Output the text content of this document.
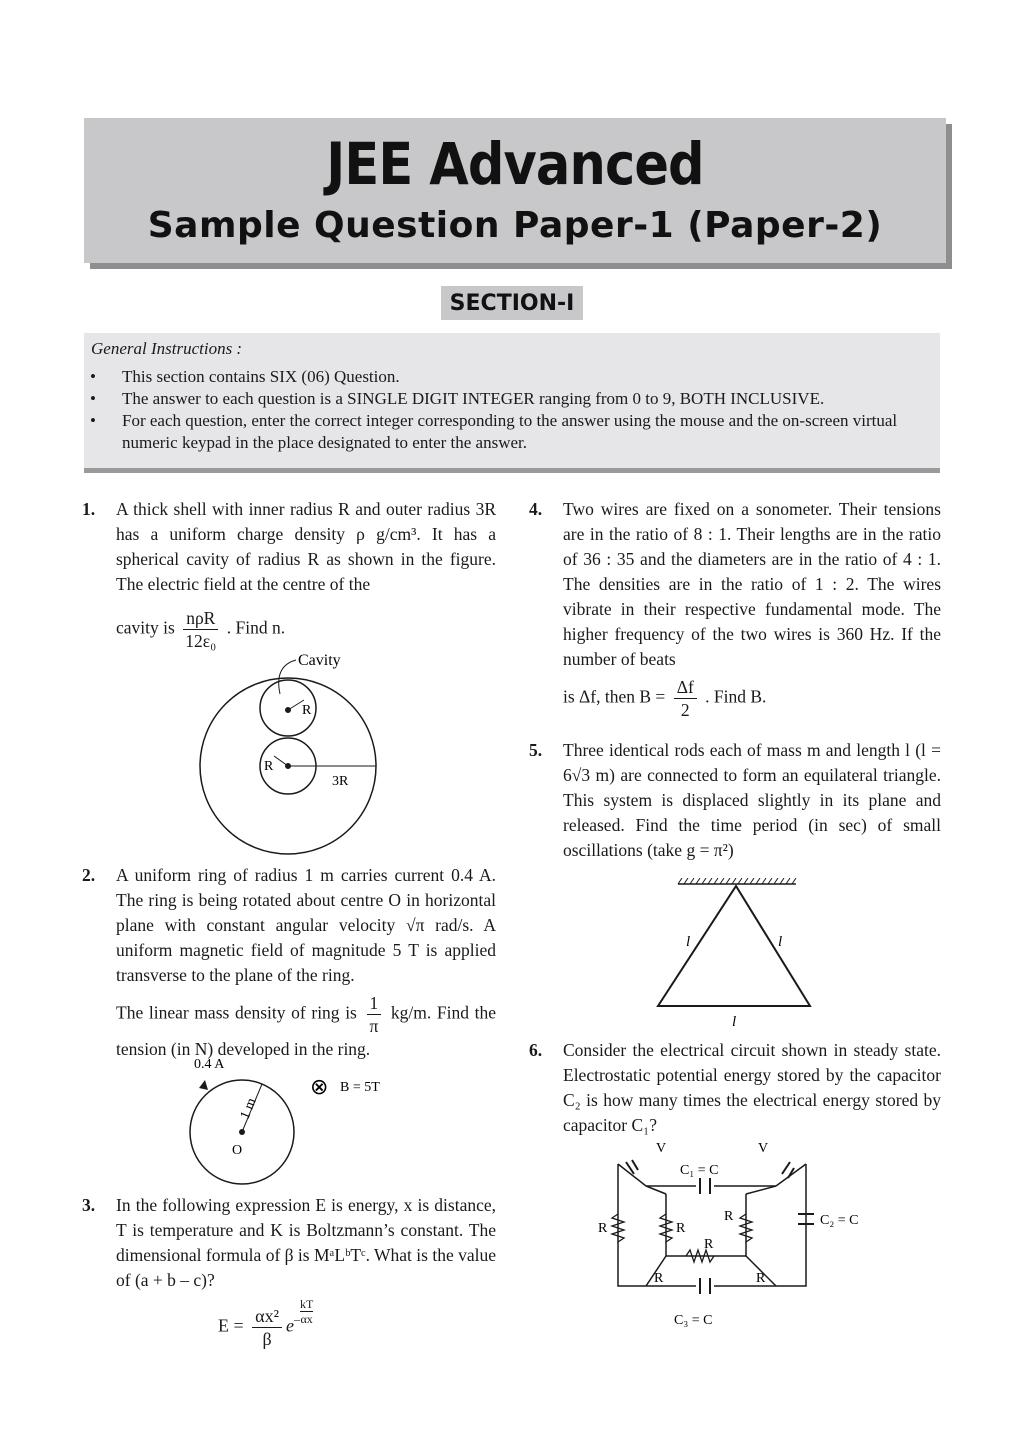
JEE Advanced
Sample Question Paper-1 (Paper-2)
SECTION-I
General Instructions :
• This section contains SIX (06) Question.
• The answer to each question is a SINGLE DIGIT INTEGER ranging from 0 to 9, BOTH INCLUSIVE.
• For each question, enter the correct integer corresponding to the answer using the mouse and the on-screen virtual numeric keypad in the place designated to enter the answer.
1. A thick shell with inner radius R and outer radius 3R has a uniform charge density ρ g/cm³. It has a spherical cavity of radius R as shown in the figure. The electric field at the centre of the
cavity is $\frac{\text{nρR}}{\text{12ε₀}}$ . Find n.
Cavity
R
R
3R
2. A uniform ring of radius 1 m carries current 0.4 A. The ring is being rotated about centre O in horizontal plane with constant angular velocity √π rad/s. A uniform magnetic field of magnitude 5 T is applied transverse to the plane of the ring.
The linear mass density of ring is $\frac{1}{\pi} kg/m$. Find the tension (in N) developed in the ring.
0.4 A
1 m
O
⊗ B = 5T
3. In the following expression E is energy, x is distance, T is temperature and K is Boltzmann’s constant. The dimensional formula of β is MᵃLᵇTᶜ. What is the value of (a + b – c)?
$E = \frac{\text{αx²}}{\beta} e- \frac{kT}{\alpha x}$
4. Two wires are fixed on a sonometer. Their tensions are in the ratio of 8 : 1. Their lengths are in the ratio of 36 : 35 and the diameters are in the ratio of 4 : 1. The densities are in the ratio of 1 : 2. The wires vibrate in their respective fundamental mode. The higher frequency of the two wires is 360 Hz. If the number of beats
is Δf, then $B = \frac{\Delta f}{2}$ . Find B.
5. Three identical rods each of mass m and length l (l = 6√3 m) are connected to form an equilateral triangle. This system is displaced slightly in its plane and released. Find the time period (in sec) of small oscillations (take g = π²)
l	l
l
6. Consider the electrical circuit shown in steady state. Electrostatic potential energy stored by the capacitor C₂ is how many times the electrical energy stored by capacitor C₁?
V	V
C₁ = C
C₂ = C
C₃ = C
R	R
R
R
R	R
